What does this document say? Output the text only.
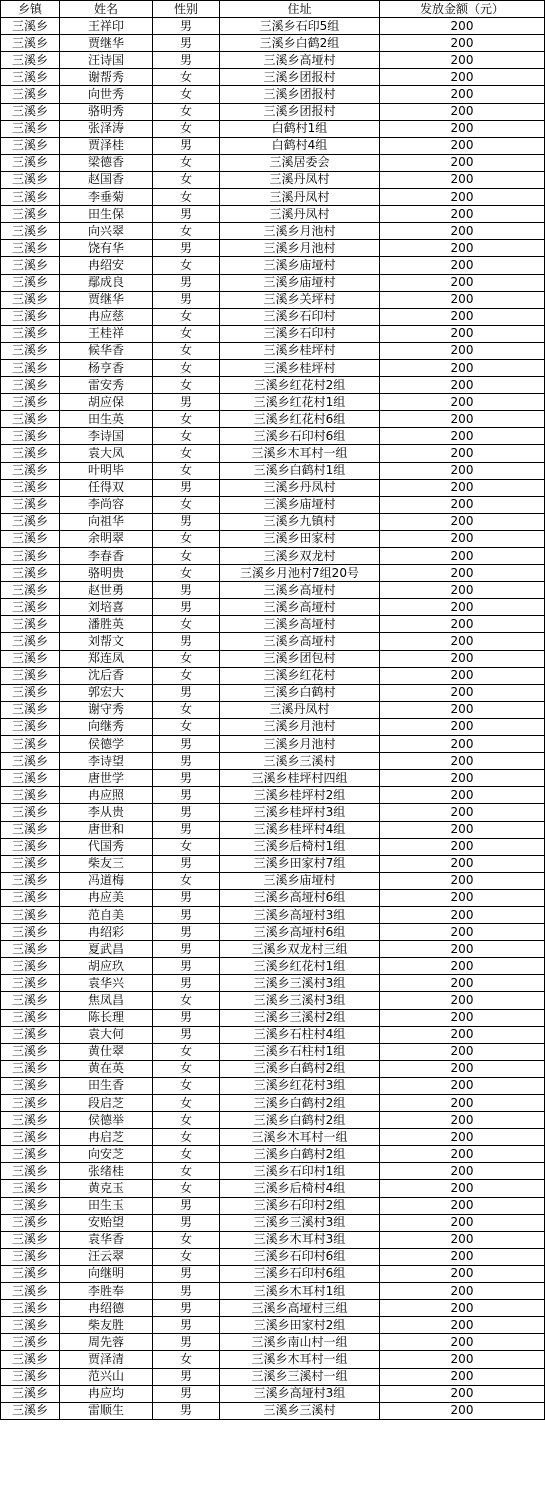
乡镇	姓名	性别	住址	发放金额（元）
三溪乡	王祥印	男	三溪乡石印5组	200
三溪乡	贾继华	男	三溪乡白鹤2组	200
三溪乡	汪诗国	男	三溪乡高垭村	200
三溪乡	谢帮秀	女	三溪乡团报村	200
三溪乡	向世秀	女	三溪乡团报村	200
三溪乡	骆明秀	女	三溪乡团报村	200
三溪乡	张泽涛	女	白鹤村1组	200
三溪乡	贾泽桂	男	白鹤村4组	200
三溪乡	梁德香	女	三溪居委会	200
三溪乡	赵国香	女	三溪丹凤村	200
三溪乡	李垂菊	女	三溪丹凤村	200
三溪乡	田生保	男	三溪丹凤村	200
三溪乡	向兴翠	女	三溪乡月池村	200
三溪乡	饶有华	男	三溪乡月池村	200
三溪乡	冉绍安	女	三溪乡庙垭村	200
三溪乡	鄢成良	男	三溪乡庙垭村	200
三溪乡	贾继华	男	三溪乡关坪村	200
三溪乡	冉应慈	女	三溪乡石印村	200
三溪乡	王桂祥	女	三溪乡石印村	200
三溪乡	候华香	女	三溪乡桂坪村	200
三溪乡	杨亨香	女	三溪乡桂坪村	200
三溪乡	雷安秀	女	三溪乡红花村2组	200
三溪乡	胡应保	男	三溪乡红花村1组	200
三溪乡	田生英	女	三溪乡红花村6组	200
三溪乡	李诗国	女	三溪乡石印村6组	200
三溪乡	袁大凤	女	三溪乡木耳村一组	200
三溪乡	叶明毕	女	三溪乡白鹤村1组	200
三溪乡	任得双	男	三溪乡丹凤村	200
三溪乡	李尚容	女	三溪乡庙垭村	200
三溪乡	向祖华	男	三溪乡九镇村	200
三溪乡	余明翠	女	三溪乡田家村	200
三溪乡	李春香	女	三溪乡双龙村	200
三溪乡	骆明贵	女	三溪乡月池村7组20号	200
三溪乡	赵世勇	男	三溪乡高垭村	200
三溪乡	刘培喜	男	三溪乡高垭村	200
三溪乡	潘胜英	女	三溪乡高垭村	200
三溪乡	刘帮文	男	三溪乡高垭村	200
三溪乡	郑连凤	女	三溪乡团包村	200
三溪乡	沈后香	女	三溪乡红花村	200
三溪乡	郭宏大	男	三溪乡白鹤村	200
三溪乡	谢守秀	女	三溪丹凤村	200
三溪乡	向继秀	女	三溪乡月池村	200
三溪乡	侯德学	男	三溪乡月池村	200
三溪乡	李诗望	男	三溪乡三溪村	200
三溪乡	唐世学	男	三溪乡桂坪村四组	200
三溪乡	冉应照	男	三溪乡桂坪村2组	200
三溪乡	李从贵	男	三溪乡桂坪村3组	200
三溪乡	唐世和	男	三溪乡桂坪村4组	200
三溪乡	代国秀	女	三溪乡后椅村1组	200
三溪乡	柴友三	男	三溪乡田家村7组	200
三溪乡	冯道梅	女	三溪乡庙垭村	200
三溪乡	冉应美	男	三溪乡高垭村6组	200
三溪乡	范自美	男	三溪乡高垭村3组	200
三溪乡	冉绍彩	男	三溪乡高垭村6组	200
三溪乡	夏武昌	男	三溪乡双龙村三组	200
三溪乡	胡应玖	男	三溪乡红花村1组	200
三溪乡	袁华兴	男	三溪乡三溪村3组	200
三溪乡	焦凤昌	女	三溪乡三溪村3组	200
三溪乡	陈长理	男	三溪乡三溪村2组	200
三溪乡	袁大何	男	三溪乡石柱村4组	200
三溪乡	黄仕翠	女	三溪乡石柱村1组	200
三溪乡	黄在英	女	三溪乡白鹤村2组	200
三溪乡	田生香	女	三溪乡红花村3组	200
三溪乡	段启芝	女	三溪乡白鹤村2组	200
三溪乡	侯德举	女	三溪乡白鹤村2组	200
三溪乡	冉启芝	女	三溪乡木耳村一组	200
三溪乡	向安芝	女	三溪乡白鹤村2组	200
三溪乡	张绪桂	女	三溪乡石印村1组	200
三溪乡	黄克玉	女	三溪乡后椅村4组	200
三溪乡	田生玉	男	三溪乡石印村2组	200
三溪乡	安贻望	男	三溪乡三溪村3组	200
三溪乡	袁华香	女	三溪乡木耳村3组	200
三溪乡	汪云翠	女	三溪乡石印村6组	200
三溪乡	向继明	男	三溪乡石印村6组	200
三溪乡	李胜奉	男	三溪乡木耳村1组	200
三溪乡	冉绍德	男	三溪乡高垭村三组	200
三溪乡	柴友胜	男	三溪乡田家村2组	200
三溪乡	周先蓉	男	三溪乡南山村一组	200
三溪乡	贾泽清	女	三溪乡木耳村一组	200
三溪乡	范兴山	男	三溪乡三溪村一组	200
三溪乡	冉应均	男	三溪乡高垭村3组	200
三溪乡	雷顺生	男	三溪乡三溪村	200
